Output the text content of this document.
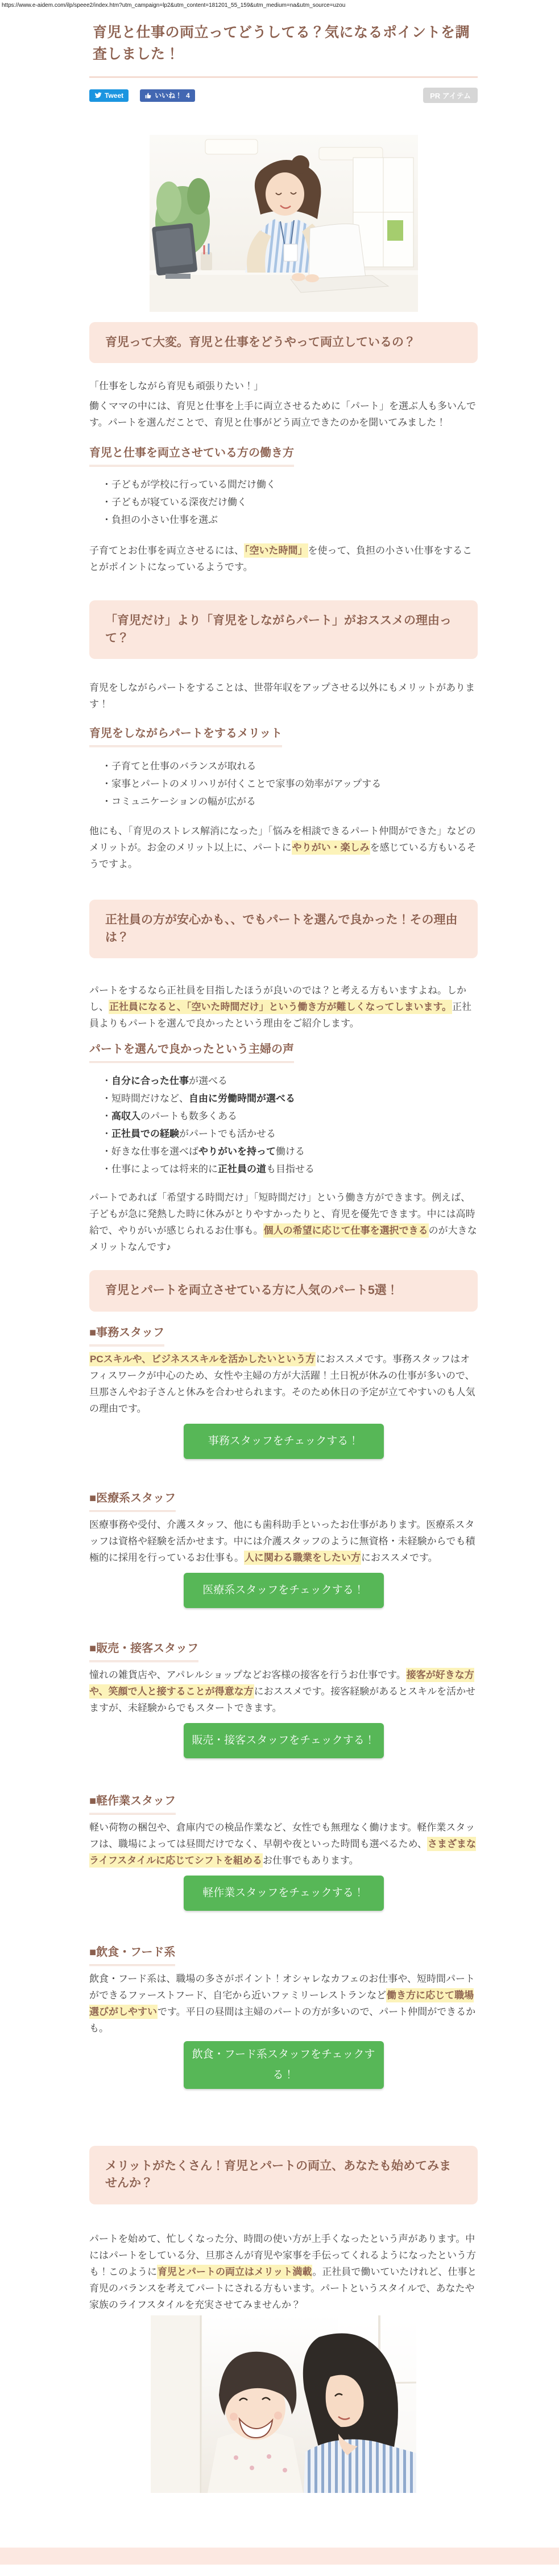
https://www.e-aidem.com/ilp/speee2/index.htm?utm_campaign=lp2&utm_content=181201_55_159&utm_medium=na&utm_source=uzou
育児と仕事の両立ってどうしてる？気になるポイントを調査しました！
Tweet	いいね！ 4	PR アイテム
育児って大変。育児と仕事をどうやって両立しているの？

「仕事をしながら育児も頑張りたい！」

働くママの中には、育児と仕事を上手に両立させるために「パート」を選ぶ人も多いんです。パートを選んだことで、育児と仕事がどう両立できたのかを聞いてみました！

育児と仕事を両立させている方の働き方
・子どもが学校に行っている間だけ働く
・子どもが寝ている深夜だけ働く
・負担の小さい仕事を選ぶ

子育てとお仕事を両立させるには、「空いた時間」を使って、負担の小さい仕事をすることがポイントになっているようです。

「育児だけ」より「育児をしながらパート」がおススメの理由って？

育児をしながらパートをすることは、世帯年収をアップさせる以外にもメリットがあります！

育児をしながらパートをするメリット
・子育てと仕事のバランスが取れる
・家事とパートのメリハリが付くことで家事の効率がアップする
・コミュニケーションの幅が広がる

他にも、「育児のストレス解消になった」「悩みを相談できるパート仲間ができた」などのメリットが。お金のメリット以上に、パートにやりがい・楽しみを感じている方もいるそうですよ。

正社員の方が安心かも、、でもパートを選んで良かった！その理由は？

パートをするなら正社員を目指したほうが良いのでは？と考える方もいますよね。しかし、正社員になると、「空いた時間だけ」という働き方が難しくなってしまいます。正社員よりもパートを選んで良かったという理由をご紹介します。

パートを選んで良かったという主婦の声
・自分に合った仕事が選べる
・短時間だけなど、自由に労働時間が選べる
・高収入のパートも数多くある
・正社員での経験がパートでも活かせる
・好きな仕事を選べばやりがいを持って働ける
・仕事によっては将来的に正社員の道も目指せる

パートであれば「希望する時間だけ」「短時間だけ」という働き方ができます。例えば、子どもが急に発熱した時に休みがとりやすかったりと、育児を優先できます。中には高時給で、やりがいが感じられるお仕事も。個人の希望に応じて仕事を選択できるのが大きなメリットなんです♪

育児とパートを両立させている方に人気のパート5選！
■事務スタッフ

PCスキルや、ビジネススキルを活かしたいという方におススメです。事務スタッフはオフィスワークが中心のため、女性や主婦の方が大活躍！土日祝が休みの仕事が多いので、旦那さんやお子さんと休みを合わせられます。そのため休日の予定が立てやすいのも人気の理由です。

事務スタッフをチェックする！
■医療系スタッフ

医療事務や受付、介護スタッフ、他にも歯科助手といったお仕事があります。医療系スタッフは資格や経験を活かせます。中には介護スタッフのように無資格・未経験からでも積極的に採用を行っているお仕事も。人に関わる職業をしたい方におススメです。

医療系スタッフをチェックする！
■販売・接客スタッフ

憧れの雑貨店や、アパレルショップなどお客様の接客を行うお仕事です。接客が好きな方や、笑顔で人と接することが得意な方におススメです。接客経験があるとスキルを活かせますが、未経験からでもスタートできます。

販売・接客スタッフをチェックする！
■軽作業スタッフ

軽い荷物の梱包や、倉庫内での検品作業など、女性でも無理なく働けます。軽作業スタッフは、職場によっては昼間だけでなく、早朝や夜といった時間も選べるため、さまざまなライフスタイルに応じてシフトを組めるお仕事でもあります。

軽作業スタッフをチェックする！
■飲食・フード系

飲食・フード系は、職場の多さがポイント！オシャレなカフェのお仕事や、短時間パートができるファーストフード、自宅から近いファミリーレストランなど働き方に応じて職場選びがしやすいです。平日の昼間は主婦のパートの方が多いので、パート仲間ができるかも。

飲食・フード系スタッフをチェックする！
メリットがたくさん！育児とパートの両立、あなたも始めてみませんか？

パートを始めて、忙しくなった分、時間の使い方が上手くなったという声があります。中にはパートをしている分、旦那さんが育児や家事を手伝ってくれるようになったという方も！このように育児とパートの両立はメリット満載。正社員で働いていたけれど、仕事と育児のバランスを考えてパートにされる方もいます。パートというスタイルで、あなたや家族のライフスタイルを充実させてみませんか？
